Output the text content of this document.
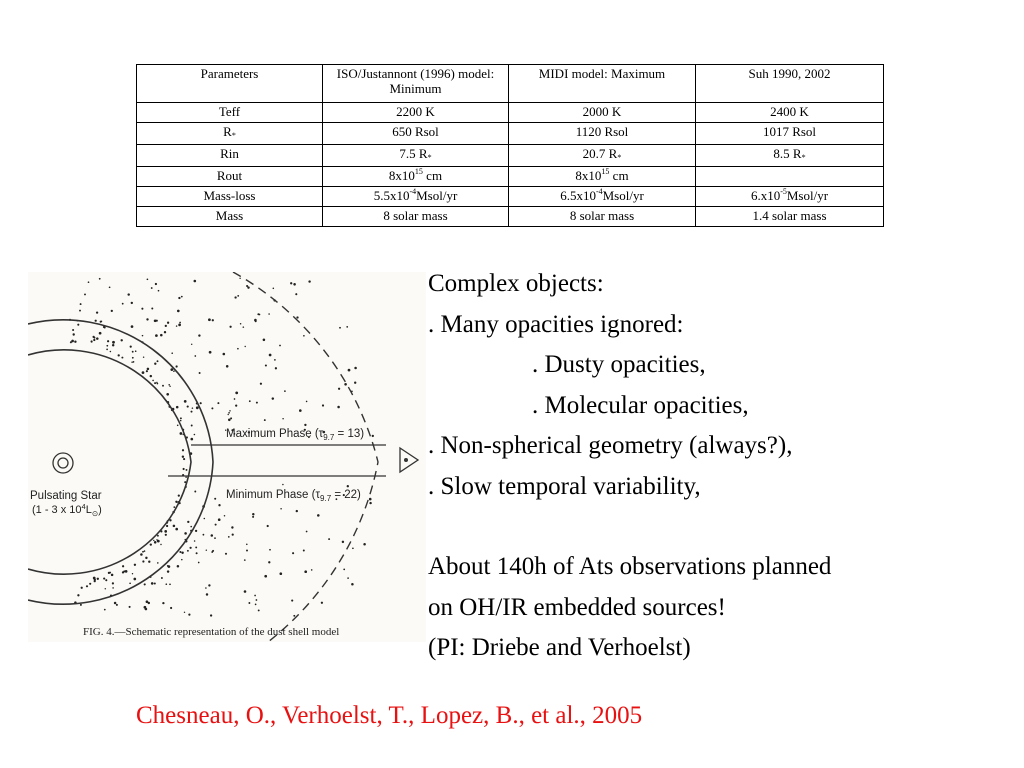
Parameters	ISO/Justannont (1996) model: Minimum	MIDI model: Maximum	Suh 1990, 2002
Teff	2200 K	2000 K	2400 K
$R_*$	650 Rsol	1120 Rsol	1017 Rsol
Rin	7.5 $R_*$	20.7 $R_*$	8.5 $R_*$
Rout	$8x10^{15}$ cm	$8x10^{15}$ cm	
Mass-loss	$5.5x10^{-4}Msol/yr$	$6.5x10^{-4}Msol/yr$	$6.x10^{-5}Msol/yr$
Mass	8 solar mass	8 solar mass	1.4 solar mass
Maximum Phase $(\tau_{9.7} = 13)$
Minimum Phase $(\tau_{9.7} = 22)$
Pulsating Star
(1 - 3 x $10^4L_⊙$)
FIG. 4.—Schematic representation of the dust shell model
Complex objects:
. Many opacities ignored:
. Dusty opacities,
. Molecular opacities,
. Non-spherical geometry (always?),
. Slow temporal variability,
About 140h of Ats observations planned
on OH/IR embedded sources!
(PI: Driebe and Verhoelst)
Chesneau, O., Verhoelst, T., Lopez, B., et al., 2005
